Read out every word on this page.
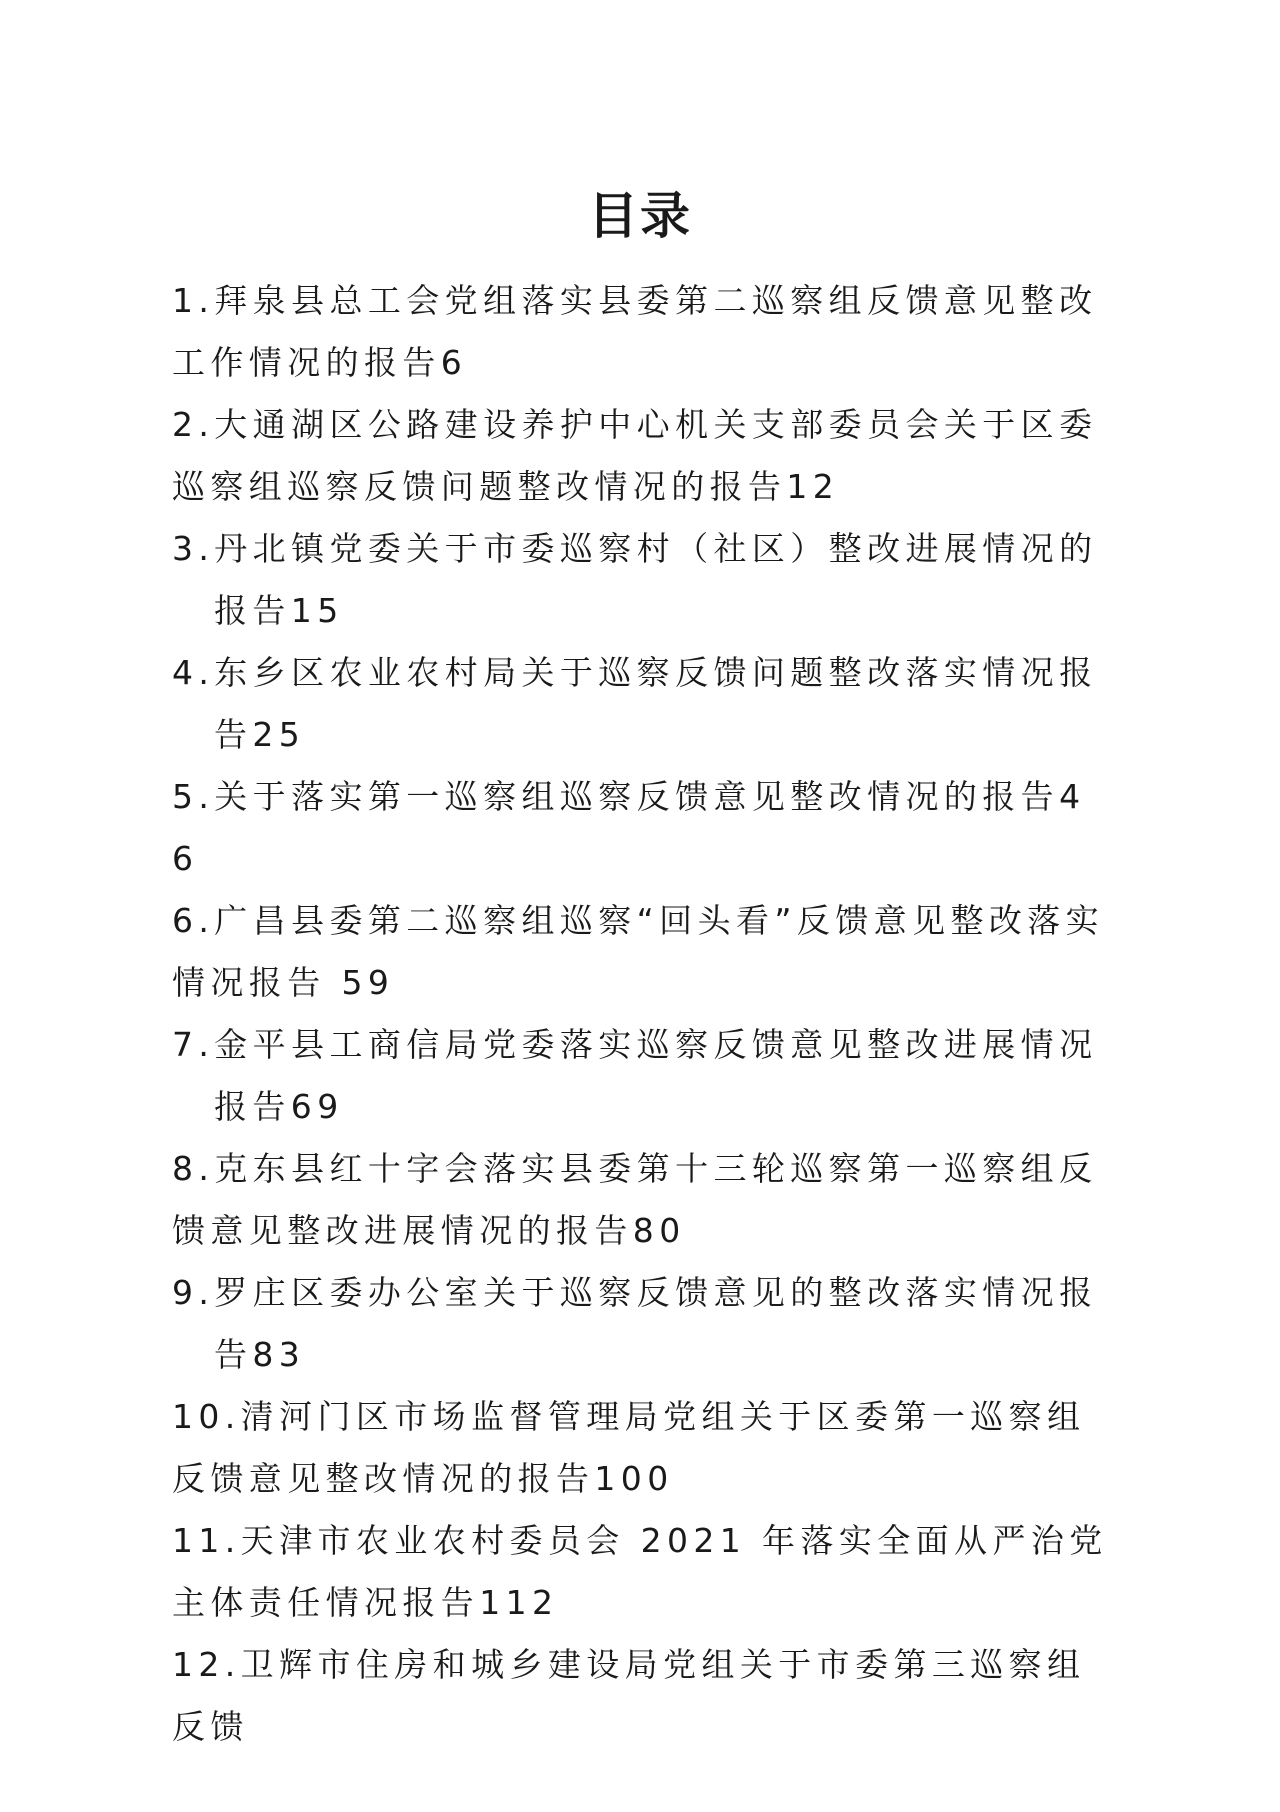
目录
1.拜泉县总工会党组落实县委第二巡察组反馈意见整改工作情况的报告6
2.大通湖区公路建设养护中心机关支部委员会关于区委巡察组巡察反馈问题整改情况的报告12
3.丹北镇党委关于市委巡察村（社区）整改进展情况的报告15
4.东乡区农业农村局关于巡察反馈问题整改落实情况报告25
5.关于落实第一巡察组巡察反馈意见整改情况的报告46
6.广昌县委第二巡察组巡察“回头看”反馈意见整改落实情况报告 59
7.金平县工商信局党委落实巡察反馈意见整改进展情况报告69
8.克东县红十字会落实县委第十三轮巡察第一巡察组反馈意见整改进展情况的报告80
9.罗庄区委办公室关于巡察反馈意见的整改落实情况报告83
10.清河门区市场监督管理局党组关于区委第一巡察组反馈意见整改情况的报告100
11.天津市农业农村委员会 2021 年落实全面从严治党主体责任情况报告112
12.卫辉市住房和城乡建设局党组关于市委第三巡察组反馈
